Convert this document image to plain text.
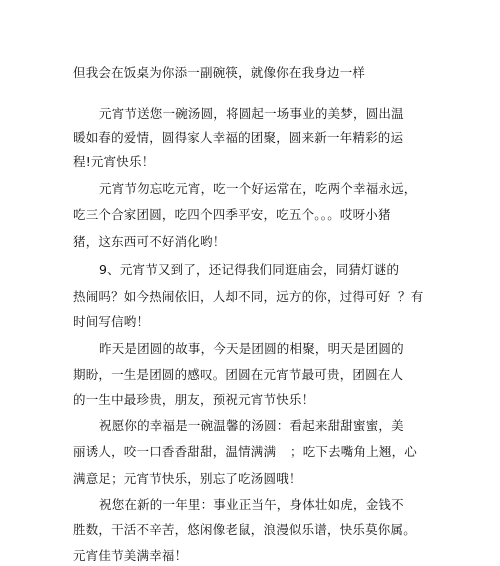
但我会在饭桌为你添一副碗筷，就像你在我身边一样
元宵节送您一碗汤圆，将圆起一场事业的美梦，圆出温
暖如春的爱情，圆得家人幸福的团聚，圆来新一年精彩的运
程!元宵快乐！
元宵节勿忘吃元宵，吃一个好运常在，吃两个幸福永远，
吃三个合家团圆，吃四个四季平安，吃五个。。。哎呀小猪
猪，这东西可不好消化哟！
9、元宵节又到了，还记得我们同逛庙会，同猜灯谜的
热闹吗？如今热闹依旧，人却不同，远方的你，过得可好 ？有
时间写信哟！
昨天是团圆的故事，今天是团圆的相聚，明天是团圆的
期盼，一生是团圆的感叹。团圆在元宵节最可贵，团圆在人
的一生中最珍贵，朋友，预祝元宵节快乐！
祝愿你的幸福是一碗温馨的汤圆：看起来甜甜蜜蜜，美
丽诱人，咬一口香香甜甜，温情满满 ；吃下去嘴角上翘，心
满意足；元宵节快乐，别忘了吃汤圆哦！
祝您在新的一年里：事业正当午，身体壮如虎，金钱不
胜数，干活不辛苦，悠闲像老鼠，浪漫似乐谱，快乐莫你属。
元宵佳节美满幸福！
